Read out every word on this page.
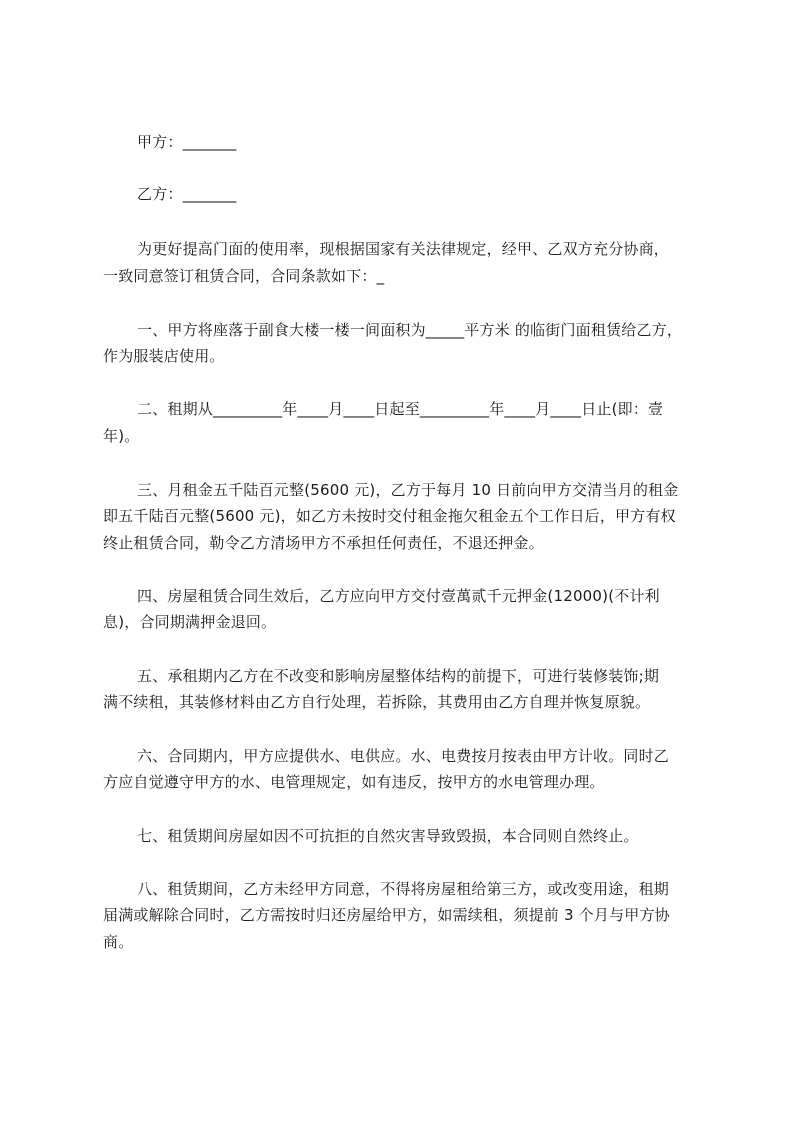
甲方：_______
乙方：_______
为更好提高门面的使用率，现根据国家有关法律规定，经甲、乙双方充分协商，
一致同意签订租赁合同，合同条款如下：_
一、甲方将座落于副食大楼一楼一间面积为_____平方米 的临街门面租赁给乙方，
作为服装店使用。
二、租期从_________年____月____日起至_________年____月____日止(即：壹
年)。
三、月租金五千陆百元整(5600 元)，乙方于每月 10 日前向甲方交清当月的租金
即五千陆百元整(5600 元)，如乙方未按时交付租金拖欠租金五个工作日后，甲方有权
终止租赁合同，勒令乙方清场甲方不承担任何责任，不退还押金。
四、房屋租赁合同生效后，乙方应向甲方交付壹萬贰千元押金(12000)(不计利
息)，合同期满押金退回。
五、承租期内乙方在不改变和影响房屋整体结构的前提下，可进行装修装饰;期
满不续租，其装修材料由乙方自行处理，若拆除，其费用由乙方自理并恢复原貌。
六、合同期内，甲方应提供水、电供应。水、电费按月按表由甲方计收。同时乙
方应自觉遵守甲方的水、电管理规定，如有违反，按甲方的水电管理办理。
七、租赁期间房屋如因不可抗拒的自然灾害导致毁损，本合同则自然终止。
八、租赁期间，乙方未经甲方同意，不得将房屋租给第三方，或改变用途，租期
届满或解除合同时，乙方需按时归还房屋给甲方，如需续租，须提前 3 个月与甲方协
商。
